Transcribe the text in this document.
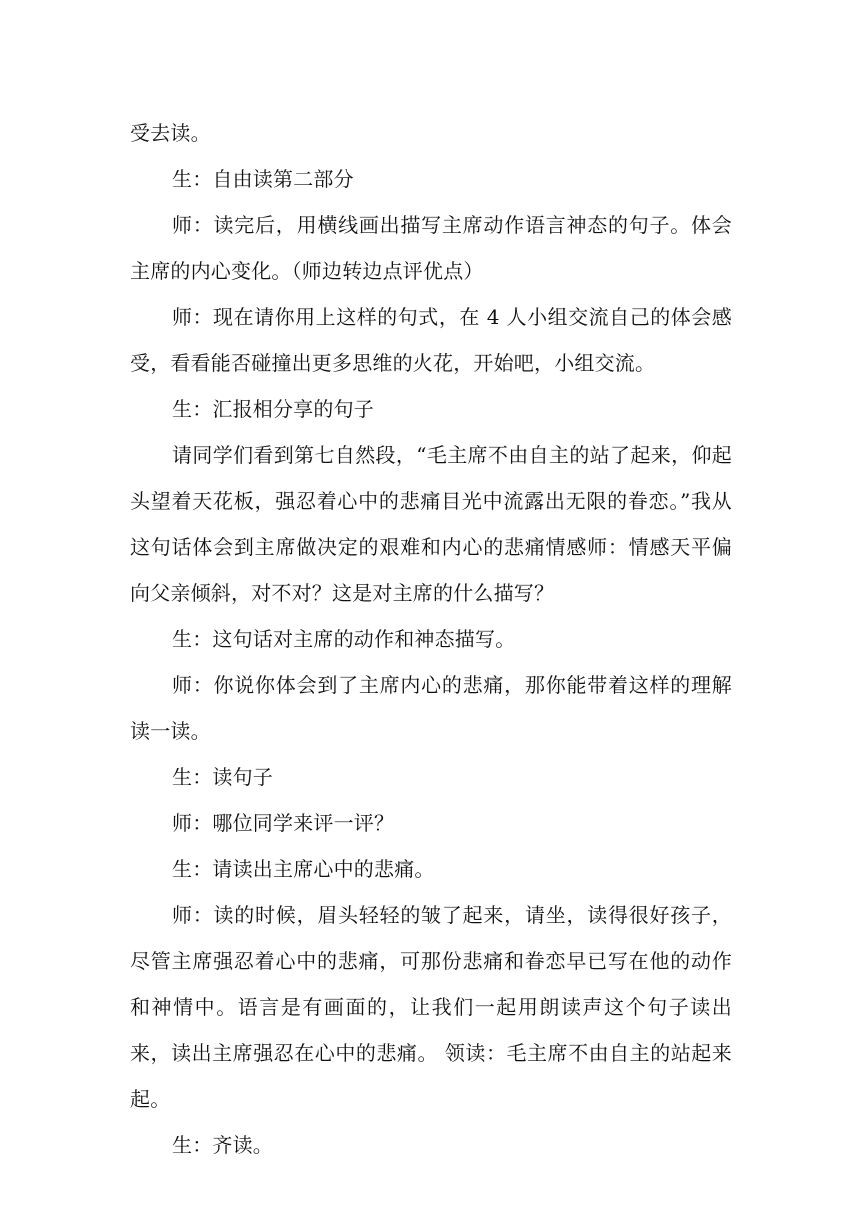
受去读。

生：自由读第二部分

师：读完后，用横线画出描写主席动作语言神态的句子。体会主席的内心变化。（师边转边点评优点）

师：现在请你用上这样的句式，在 4 人小组交流自己的体会感受，看看能否碰撞出更多思维的火花，开始吧，小组交流。

生：汇报相分享的句子

请同学们看到第七自然段，“毛主席不由自主的站了起来，仰起头望着天花板，强忍着心中的悲痛目光中流露出无限的眷恋。”我从这句话体会到主席做决定的艰难和内心的悲痛情感师：情感天平偏向父亲倾斜，对不对？这是对主席的什么描写？

生：这句话对主席的动作和神态描写。

师：你说你体会到了主席内心的悲痛，那你能带着这样的理解读一读。

生：读句子

师：哪位同学来评一评？

生：请读出主席心中的悲痛。

师：读的时候，眉头轻轻的皱了起来，请坐，读得很好孩子，尽管主席强忍着心中的悲痛，可那份悲痛和眷恋早已写在他的动作和神情中。语言是有画面的，让我们一起用朗读声这个句子读出来，读出主席强忍在心中的悲痛。 领读：毛主席不由自主的站起来起。

生：齐读。
